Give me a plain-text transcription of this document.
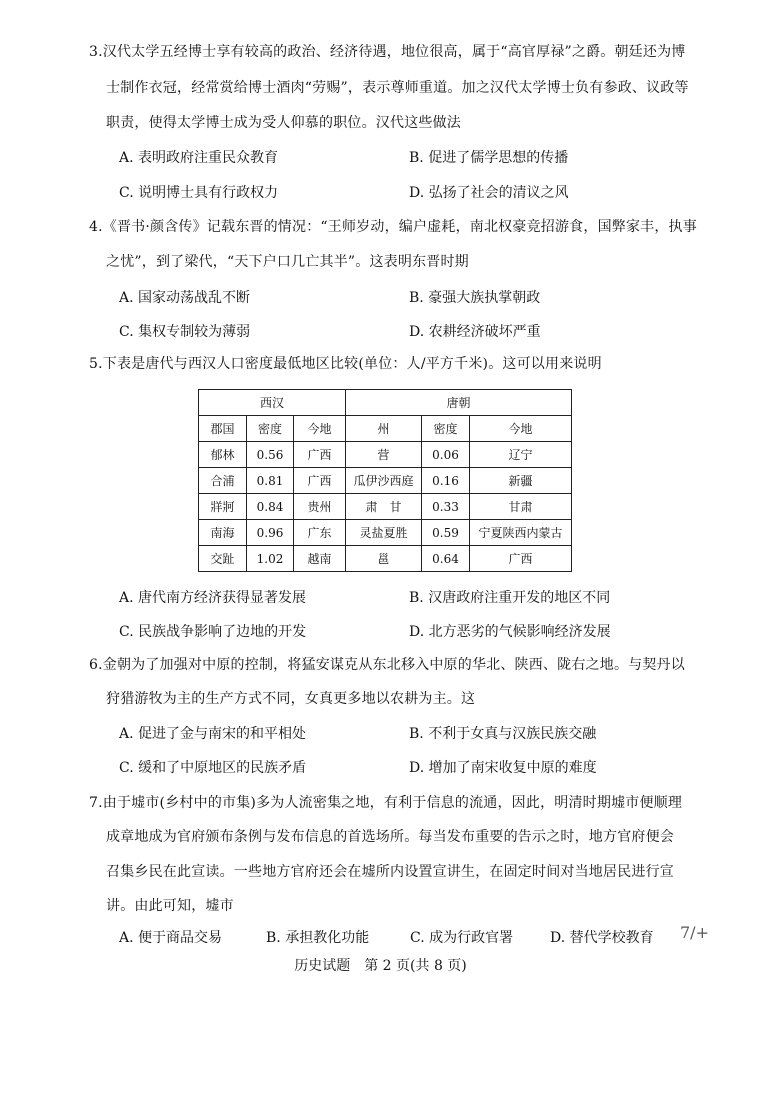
3.汉代太学五经博士享有较高的政治、经济待遇，地位很高，属于“高官厚禄”之爵。朝廷还为博
士制作衣冠，经常赏给博士酒肉“劳赐”，表示尊师重道。加之汉代太学博士负有参政、议政等
职责，使得太学博士成为受人仰慕的职位。汉代这些做法
A. 表明政府注重民众教育	B. 促进了儒学思想的传播
C. 说明博士具有行政权力	D. 弘扬了社会的清议之风
4.《晋书·颜含传》记载东晋的情况：“王师岁动，编户虚耗，南北权豪竞招游食，国弊家丰，执事
之忧”，到了梁代，“天下户口几亡其半”。这表明东晋时期
A. 国家动荡战乱不断	B. 豪强大族执掌朝政
C. 集权专制较为薄弱	D. 农耕经济破坏严重
5.下表是唐代与西汉人口密度最低地区比较(单位：人/平方千米)。这可以用来说明
西汉			唐朝		
郡国	密度	今地	州	密度	今地
郁林	0.56	广西	营	0.06	辽宁
合浦	0.81	广西	瓜伊沙西庭	0.16	新疆
牂牁	0.84	贵州	肃　甘	0.33	甘肃
南海	0.96	广东	灵盐夏胜	0.59	宁夏陕西内蒙古
交趾	1.02	越南	邕	0.64	广西
A. 唐代南方经济获得显著发展	B. 汉唐政府注重开发的地区不同
C. 民族战争影响了边地的开发	D. 北方恶劣的气候影响经济发展
6.金朝为了加强对中原的控制，将猛安谋克从东北移入中原的华北、陕西、陇右之地。与契丹以
狩猎游牧为主的生产方式不同，女真更多地以农耕为主。这
A. 促进了金与南宋的和平相处	B. 不利于女真与汉族民族交融
C. 缓和了中原地区的民族矛盾	D. 增加了南宋收复中原的难度
7.由于墟市(乡村中的市集)多为人流密集之地，有利于信息的流通，因此，明清时期墟市便顺理
成章地成为官府颁布条例与发布信息的首选场所。每当发布重要的告示之时，地方官府便会
召集乡民在此宣读。一些地方官府还会在墟所内设置宣讲生，在固定时间对当地居民进行宣
讲。由此可知，墟市
A. 便于商品交易	B. 承担教化功能	C. 成为行政官署	D. 替代学校教育 7/+
历史试题　第 2 页(共 8 页)
